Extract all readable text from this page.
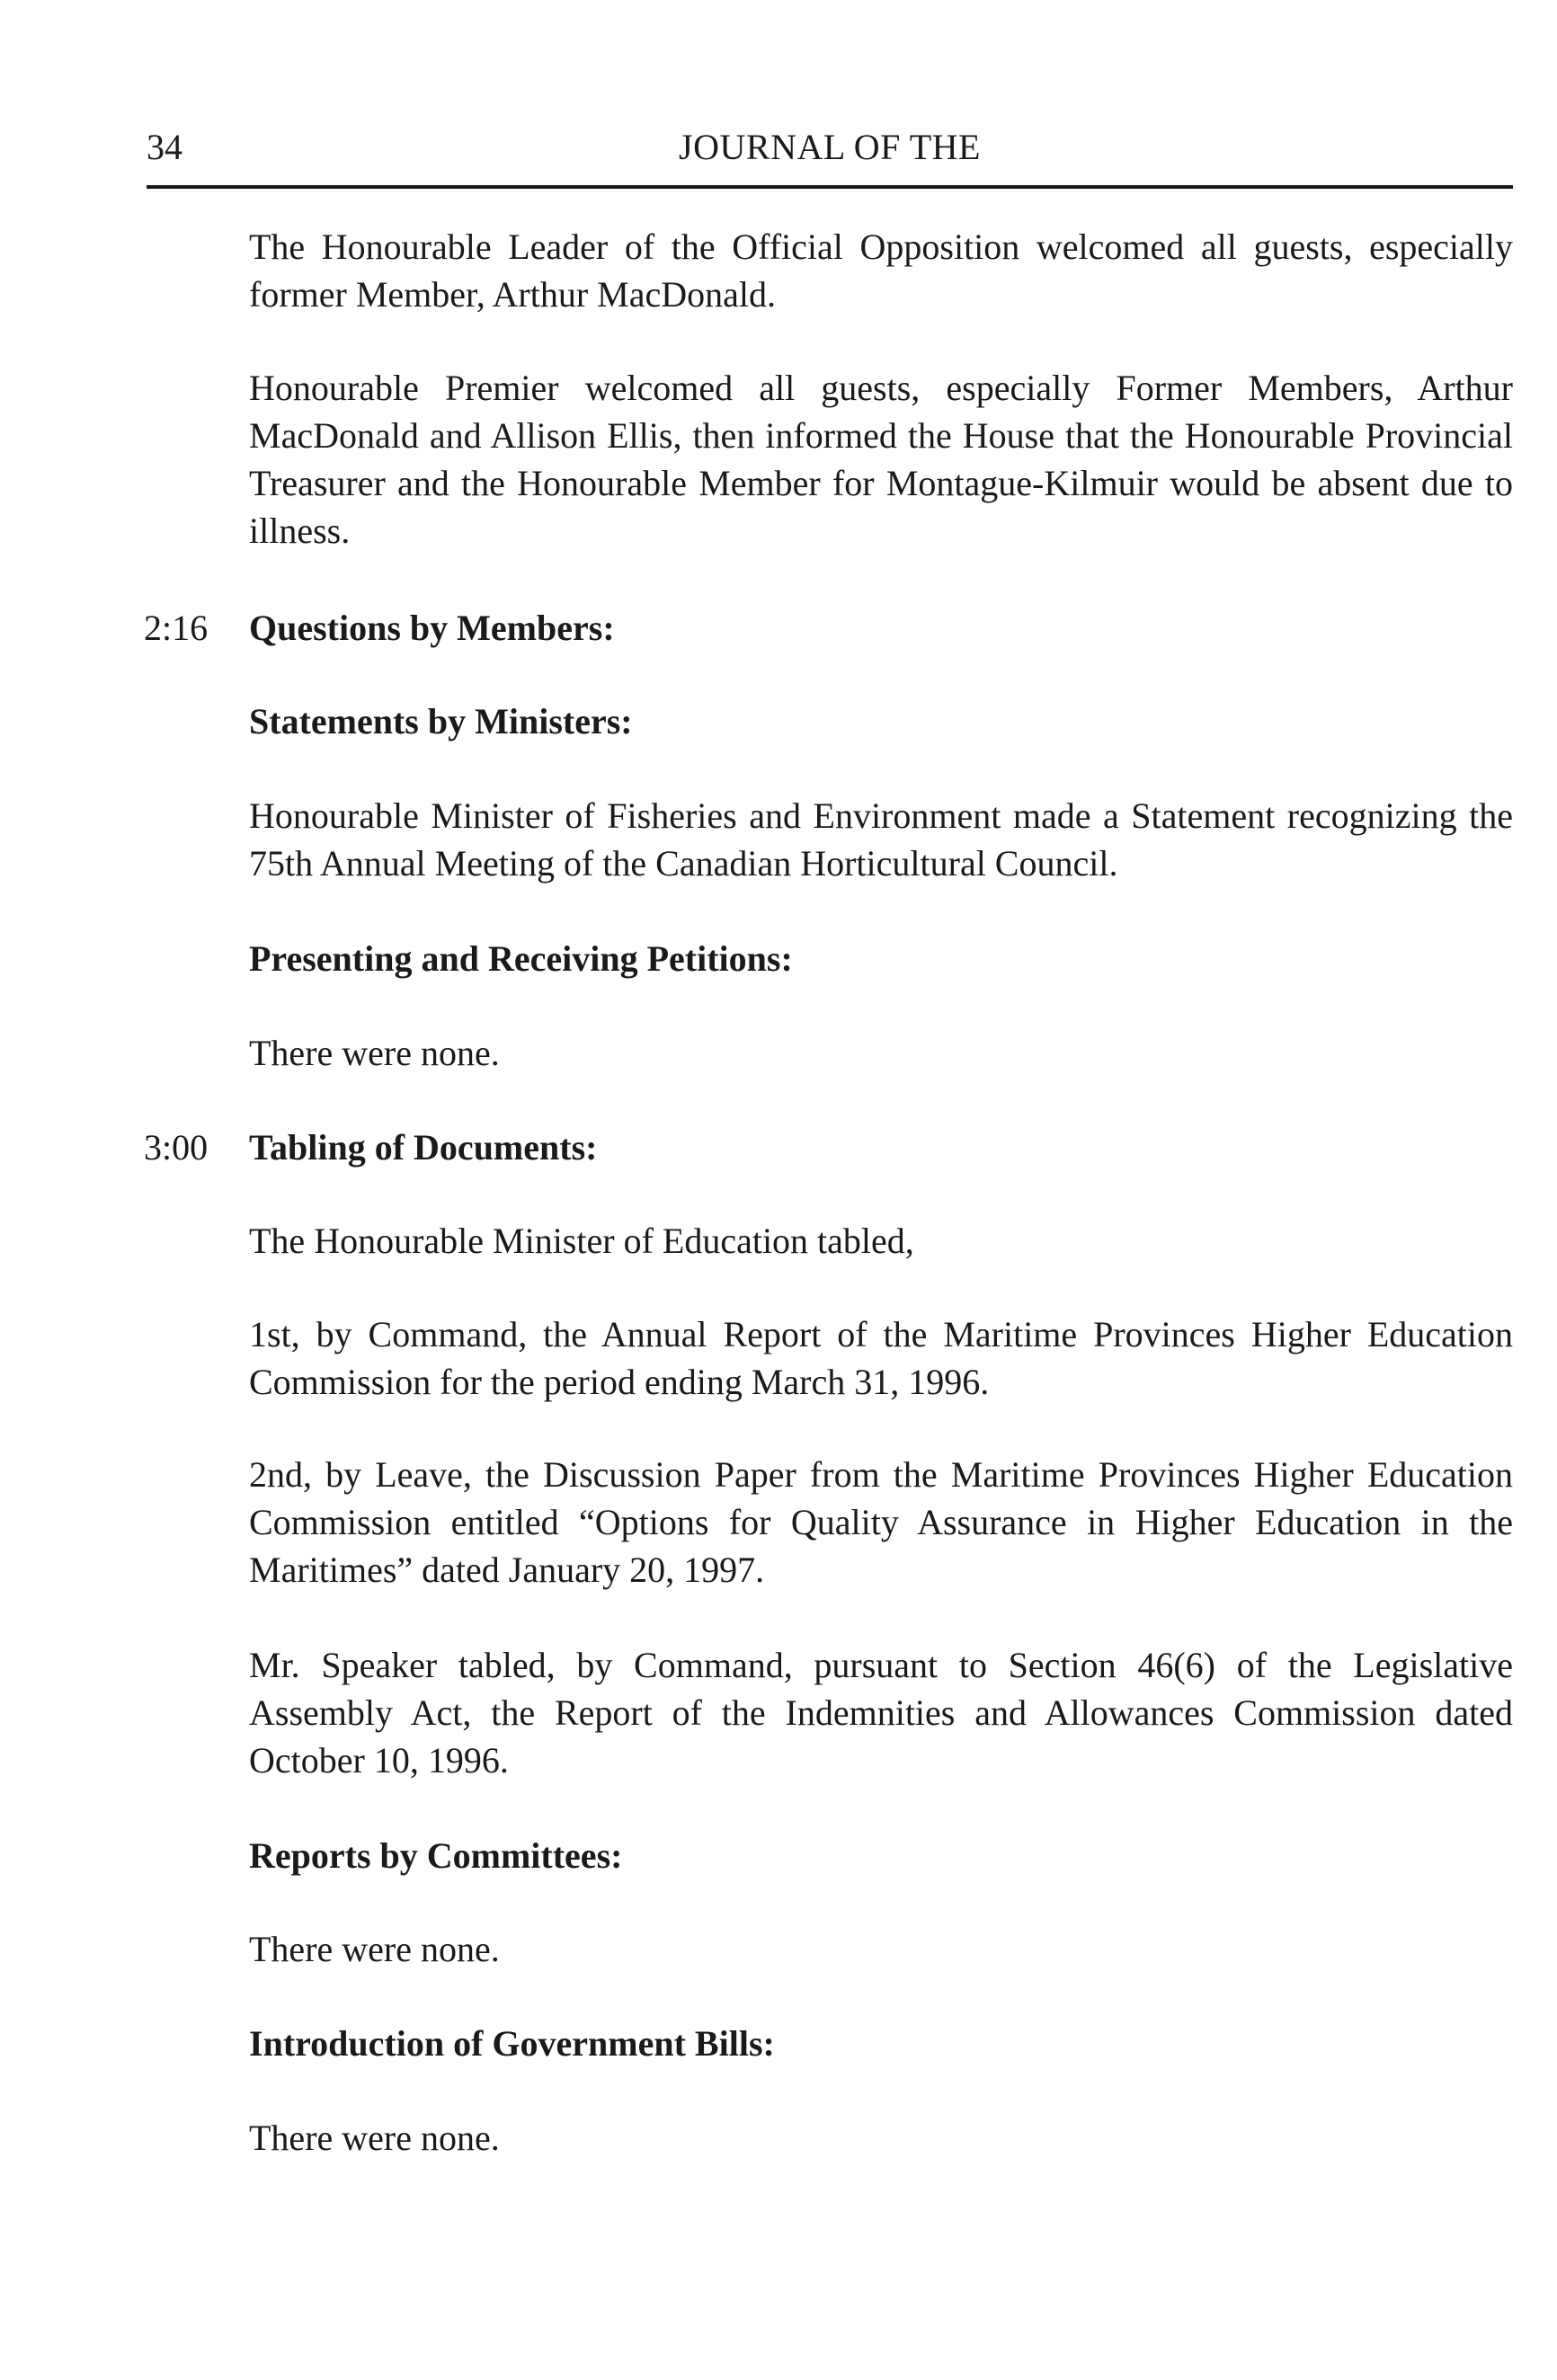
34	JOURNAL OF THE

The Honourable Leader of the Official Opposition welcomed all guests, especially former Member, Arthur MacDonald.

Honourable Premier welcomed all guests, especially Former Members, Arthur MacDonald and Allison Ellis, then informed the House that the Honourable Provincial Treasurer and the Honourable Member for Montague-Kilmuir would be absent due to illness.

2:16	Questions by Members:

Statements by Ministers:

Honourable Minister of Fisheries and Environment made a Statement recognizing the 75th Annual Meeting of the Canadian Horticultural Council.

Presenting and Receiving Petitions:

There were none.

3:00	Tabling of Documents:

The Honourable Minister of Education tabled,

1st, by Command, the Annual Report of the Maritime Provinces Higher Education Commission for the period ending March 31, 1996.

2nd, by Leave, the Discussion Paper from the Maritime Provinces Higher Education Commission entitled “Options for Quality Assurance in Higher Education in the Maritimes” dated January 20, 1997.

Mr. Speaker tabled, by Command, pursuant to Section 46(6) of the Legislative Assembly Act, the Report of the Indemnities and Allowances Commission dated October 10, 1996.

Reports by Committees:

There were none.

Introduction of Government Bills:

There were none.
